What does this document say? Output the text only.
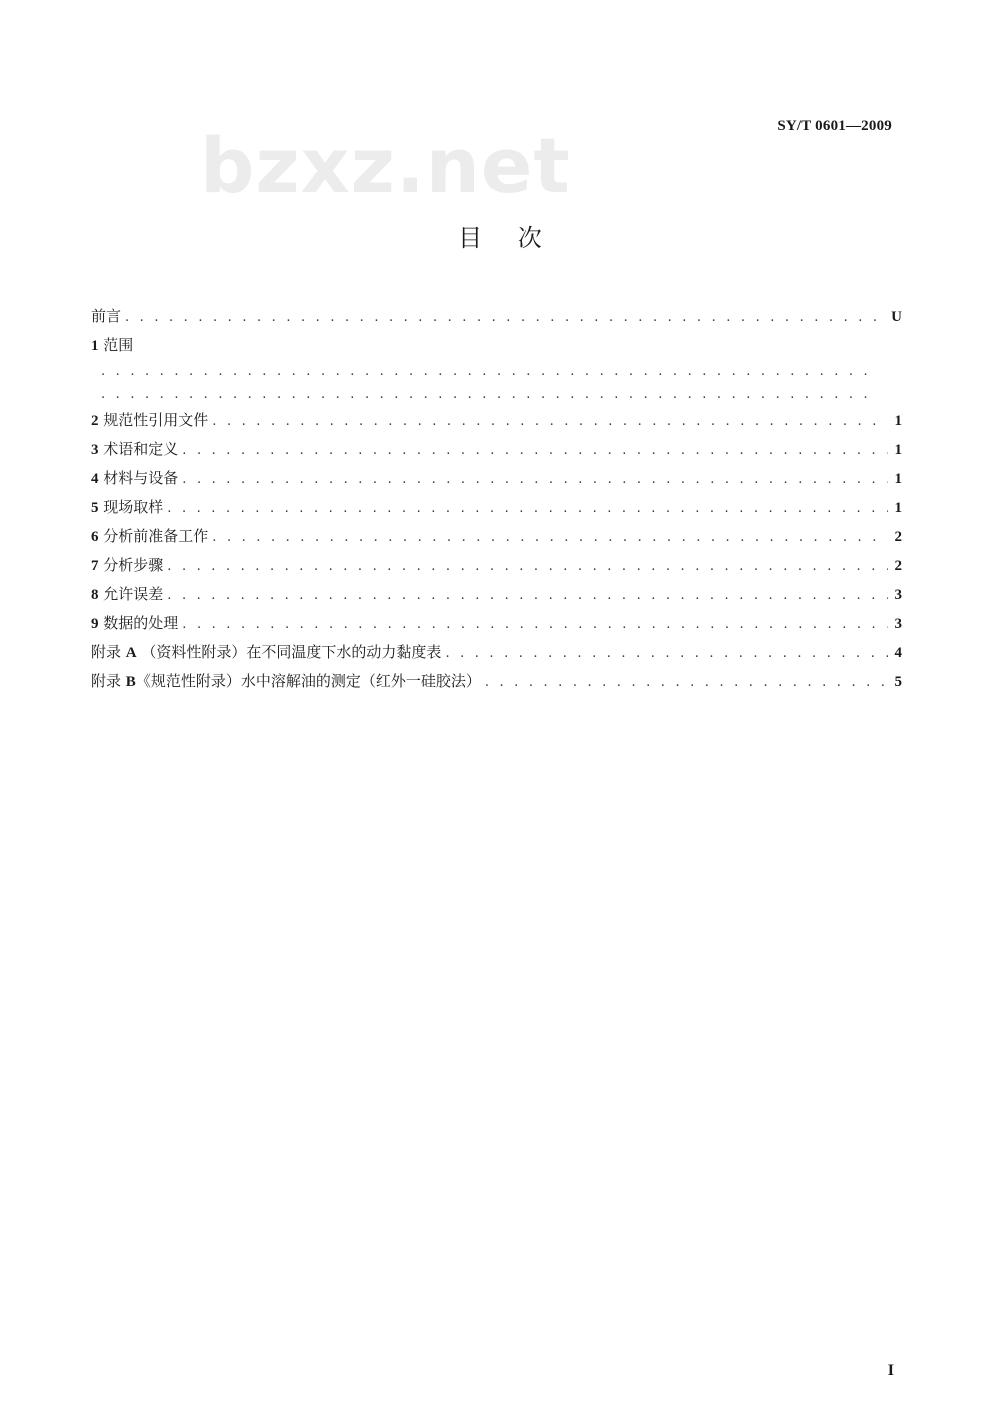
bzxz.net	SY/T 0601—2009
目 次
前言 . . .	U
1 范围
. . .
. . .
2 规范性引用文件 . . .	1
3 术语和定义 . . .	1
4 材料与设备 . . .	1
5 现场取样 . . .	1
6 分析前准备工作 . . .	2
7 分析步骤 . . .	2
8 允许误差 . . .	3
9 数据的处理 . . .	3
附录 A （资料性附录）在不同温度下水的动力黏度表 . . .	4
附录 B《规范性附录）水中溶解油的测定（红外一硅胶法） . . .	5
I
